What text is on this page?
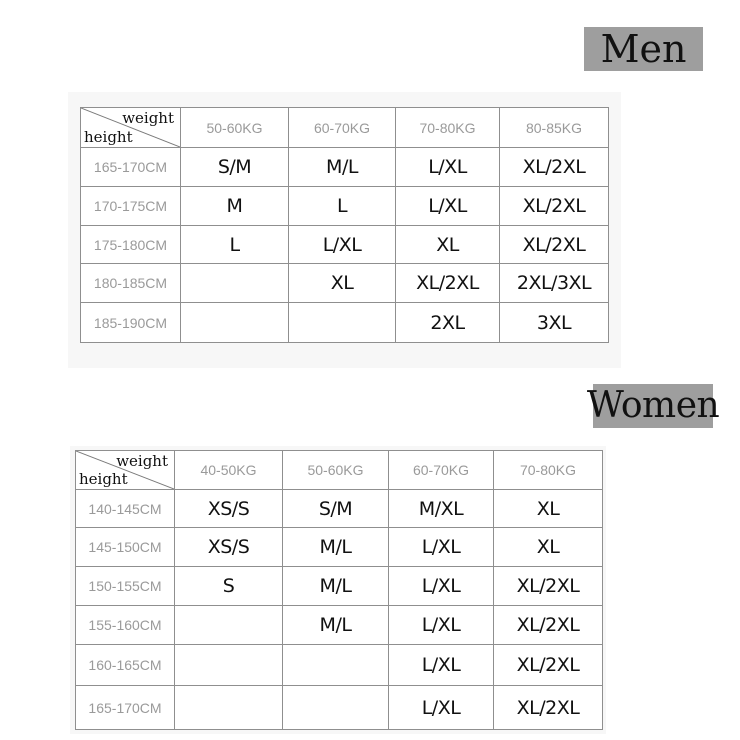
Men
weight
height	50-60KG	60-70KG	70-80KG	80-85KG
165-170CM	S/M	M/L	L/XL	XL/2XL
170-175CM	M	L	L/XL	XL/2XL
175-180CM	L	L/XL	XL	XL/2XL
180-185CM		XL	XL/2XL	2XL/3XL
185-190CM			2XL	3XL
Women
weight
height	40-50KG	50-60KG	60-70KG	70-80KG
140-145CM	XS/S	S/M	M/XL	XL
145-150CM	XS/S	M/L	L/XL	XL
150-155CM	S	M/L	L/XL	XL/2XL
155-160CM		M/L	L/XL	XL/2XL
160-165CM			L/XL	XL/2XL
165-170CM			L/XL	XL/2XL
